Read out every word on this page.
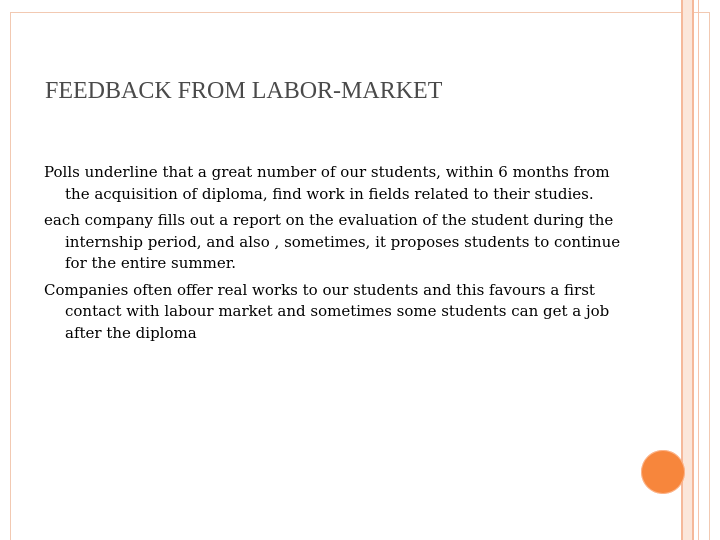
FEEDBACK FROM LABOR-MARKET
Polls underline that a great number of our students, within 6 months from the acquisition of diploma, find work in fields related to their studies.
each company fills out a report on the evaluation of the student during the internship period, and also , sometimes, it proposes students to continue for the entire summer.
Companies often offer real works to our students and this favours a first contact with labour market and sometimes some students can get a job after the diploma
